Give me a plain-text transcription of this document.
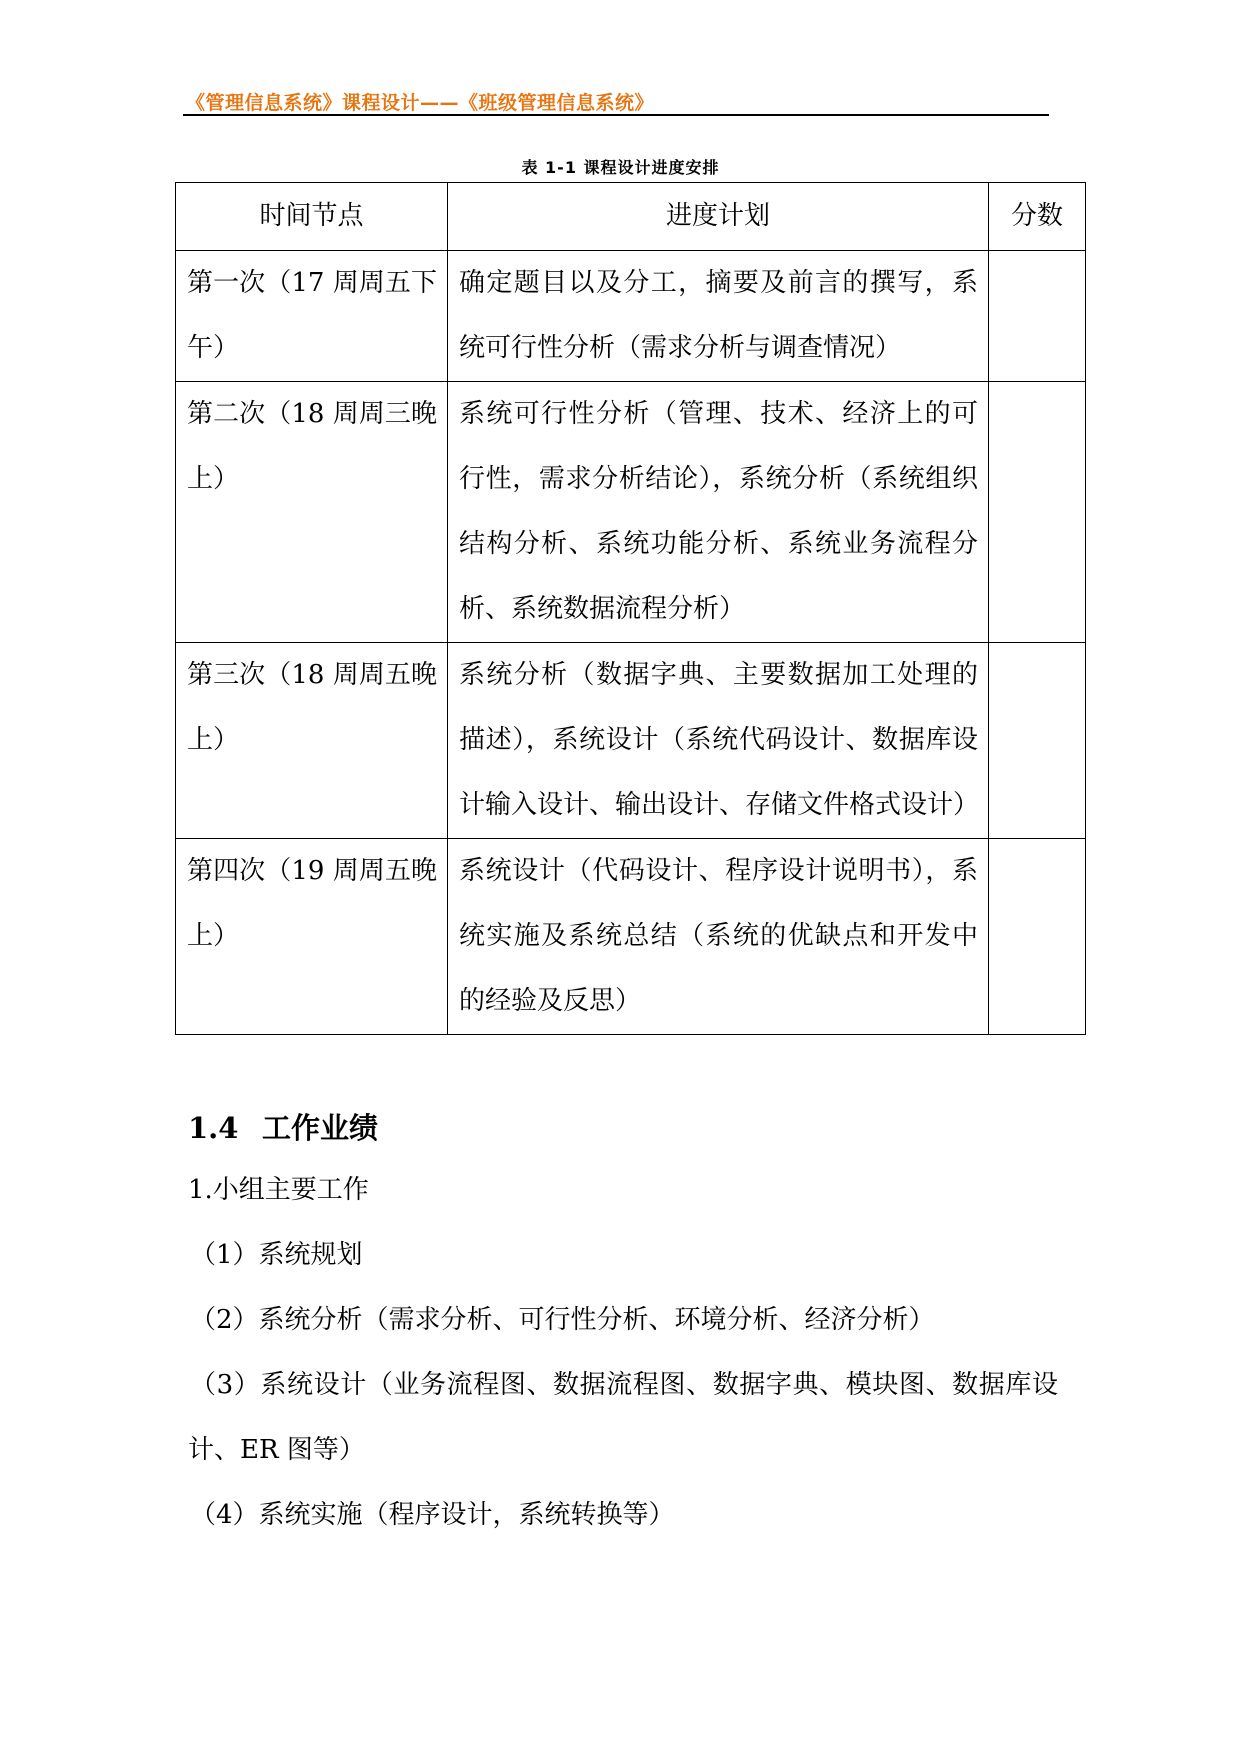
《管理信息系统》课程设计——《班级管理信息系统》
表 1-1 课程设计进度安排
时间节点	进度计划	分数
第一次（17 周周五下午）	确定题目以及分工，摘要及前言的撰写，系统可行性分析（需求分析与调查情况）	
第二次（18 周周三晚上）	系统可行性分析（管理、技术、经济上的可行性，需求分析结论），系统分析（系统组织结构分析、系统功能分析、系统业务流程分析、系统数据流程分析）	
第三次（18 周周五晚上）	系统分析（数据字典、主要数据加工处理的描述），系统设计（系统代码设计、数据库设计输入设计、输出设计、存储文件格式设计）	
第四次（19 周周五晚上）	系统设计（代码设计、程序设计说明书），系统实施及系统总结（系统的优缺点和开发中的经验及反思）	
1.4 工作业绩

1.小组主要工作

（1）系统规划

（2）系统分析（需求分析、可行性分析、环境分析、经济分析）

（3）系统设计（业务流程图、数据流程图、数据字典、模块图、数据库设计、ER 图等）

（4）系统实施（程序设计，系统转换等）
